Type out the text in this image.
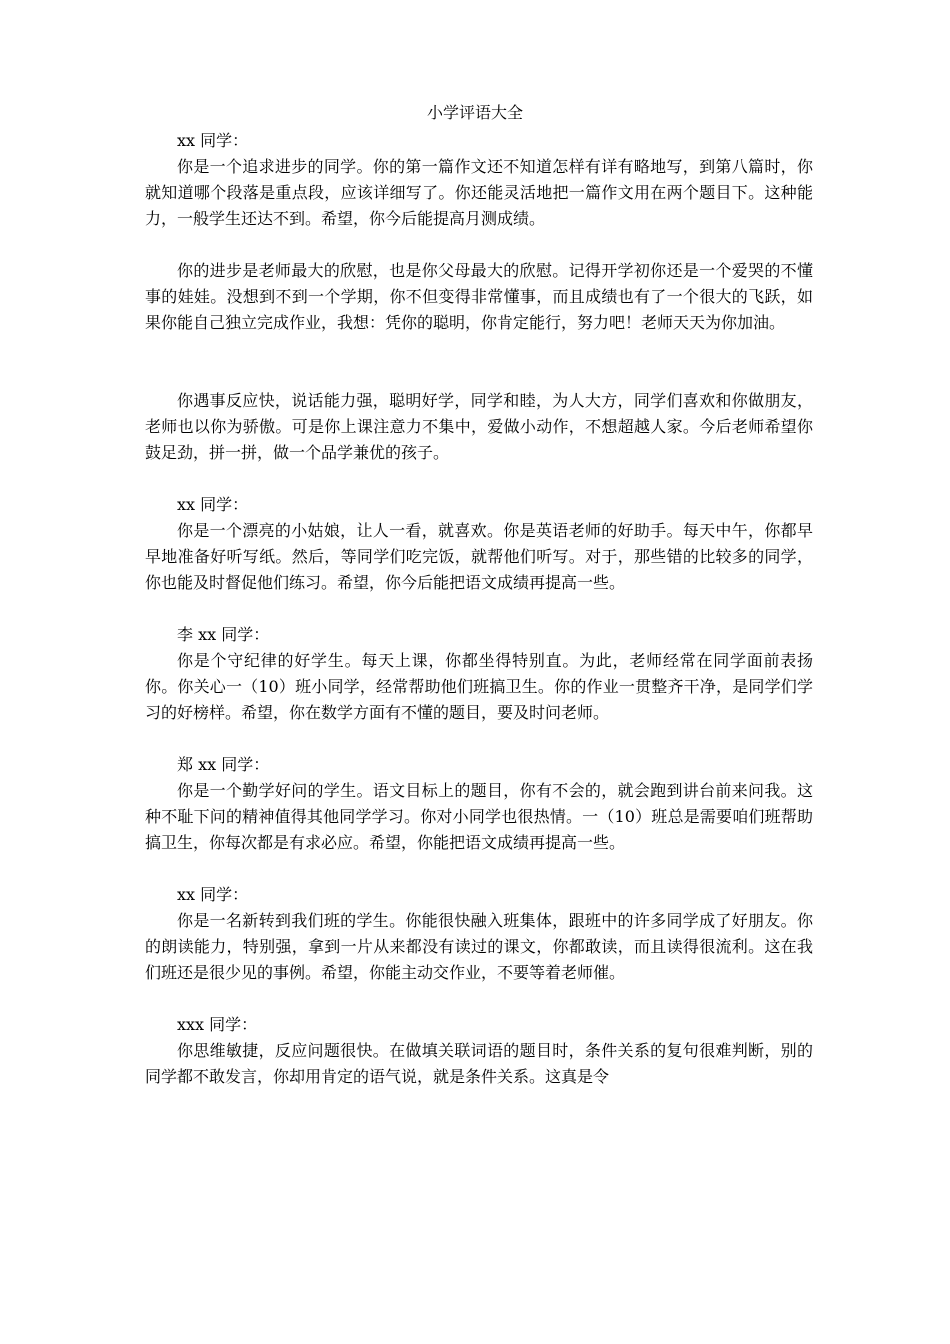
小学评语大全

xx 同学：

你是一个追求进步的同学。你的第一篇作文还不知道怎样有详有略地写，到第八篇时，你就知道哪个段落是重点段，应该详细写了。你还能灵活地把一篇作文用在两个题目下。这种能力，一般学生还达不到。希望，你今后能提高月测成绩。

你的进步是老师最大的欣慰，也是你父母最大的欣慰。记得开学初你还是一个爱哭的不懂事的娃娃。没想到不到一个学期，你不但变得非常懂事，而且成绩也有了一个很大的飞跃，如果你能自己独立完成作业，我想：凭你的聪明，你肯定能行，努力吧！老师天天为你加油。

你遇事反应快，说话能力强，聪明好学，同学和睦，为人大方，同学们喜欢和你做朋友，老师也以你为骄傲。可是你上课注意力不集中，爱做小动作，不想超越人家。今后老师希望你鼓足劲，拼一拼，做一个品学兼优的孩子。

xx 同学：

你是一个漂亮的小姑娘，让人一看，就喜欢。你是英语老师的好助手。每天中午，你都早早地准备好听写纸。然后，等同学们吃完饭，就帮他们听写。对于，那些错的比较多的同学，你也能及时督促他们练习。希望，你今后能把语文成绩再提高一些。

李 xx 同学：

你是个守纪律的好学生。每天上课，你都坐得特别直。为此，老师经常在同学面前表扬你。你关心一（10）班小同学，经常帮助他们班搞卫生。你的作业一贯整齐干净，是同学们学习的好榜样。希望，你在数学方面有不懂的题目，要及时问老师。

郑 xx 同学：

你是一个勤学好问的学生。语文目标上的题目，你有不会的，就会跑到讲台前来问我。这种不耻下问的精神值得其他同学学习。你对小同学也很热情。一（10）班总是需要咱们班帮助搞卫生，你每次都是有求必应。希望，你能把语文成绩再提高一些。

xx 同学：

你是一名新转到我们班的学生。你能很快融入班集体，跟班中的许多同学成了好朋友。你的朗读能力，特别强，拿到一片从来都没有读过的课文，你都敢读，而且读得很流利。这在我们班还是很少见的事例。希望，你能主动交作业，不要等着老师催。

xxx 同学：

你思维敏捷，反应问题很快。在做填关联词语的题目时，条件关系的复句很难判断，别的同学都不敢发言，你却用肯定的语气说，就是条件关系。这真是令
